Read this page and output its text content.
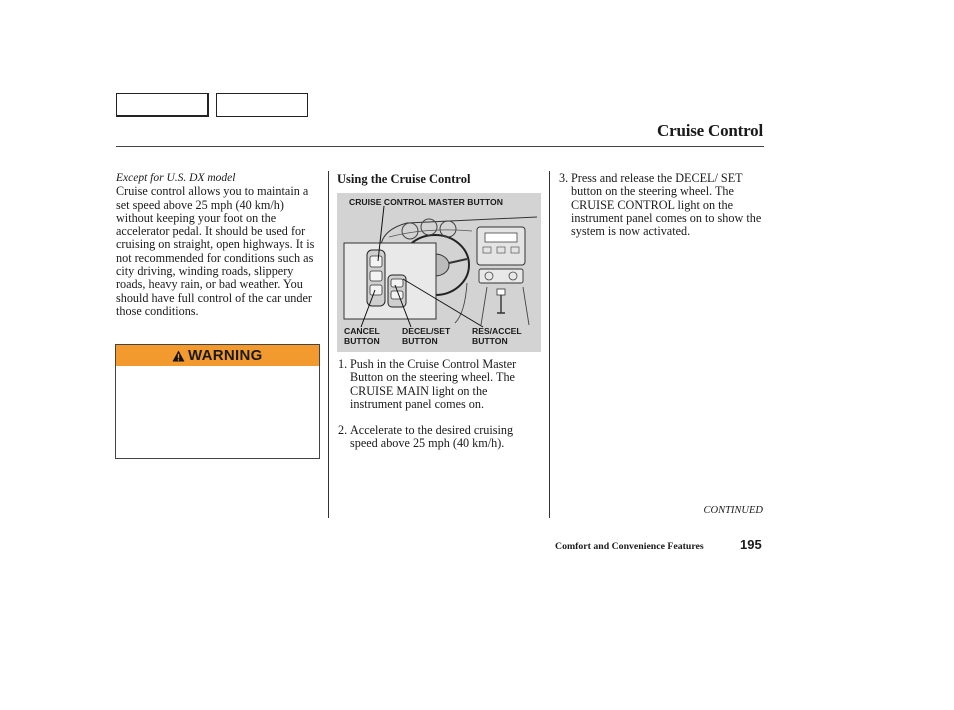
Cruise Control
Except for U.S. DX model
Cruise control allows you to maintain a set speed above 25 mph (40 km/h) without keeping your foot on the accelerator pedal. It should be used for cruising on straight, open highways. It is not recommended for conditions such as city driving, winding roads, slippery roads, heavy rain, or bad weather. You should have full control of the car under those conditions.
WARNING
Using the Cruise Control
CRUISE CONTROL MASTER BUTTON
CANCEL
BUTTON
DECEL/SET
BUTTON
RES/ACCEL
BUTTON
1. Push in the Cruise Control Master Button on the steering wheel. The CRUISE MAIN light on the instrument panel comes on.
2. Accelerate to the desired cruising speed above 25 mph (40 km/h).
3. Press and release the DECEL/ SET button on the steering wheel. The CRUISE CONTROL light on the instrument panel comes on to show the system is now activated.
CONTINUED
Comfort and Convenience Features	195
